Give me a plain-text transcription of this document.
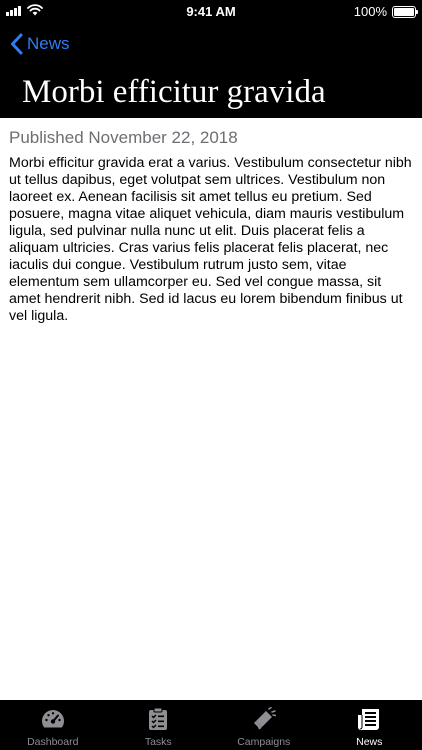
9:41 AM	100%
News
Morbi efficitur gravida
Published November 22, 2018
Morbi efficitur gravida erat a varius. Vestibulum consectetur nibh ut tellus dapibus, eget volutpat sem ultrices. Vestibulum non laoreet ex. Aenean facilisis sit amet tellus eu pretium. Sed posuere, magna vitae aliquet vehicula, diam mauris vestibulum ligula, sed pulvinar nulla nunc ut elit. Duis placerat felis a aliquam ultricies. Cras varius felis placerat felis placerat, nec iaculis dui congue. Vestibulum rutrum justo sem, vitae elementum sem ullamcorper eu. Sed vel congue massa, sit amet hendrerit nibh. Sed id lacus eu lorem bibendum finibus ut vel ligula.
Dashboard	Tasks	Campaigns	News
